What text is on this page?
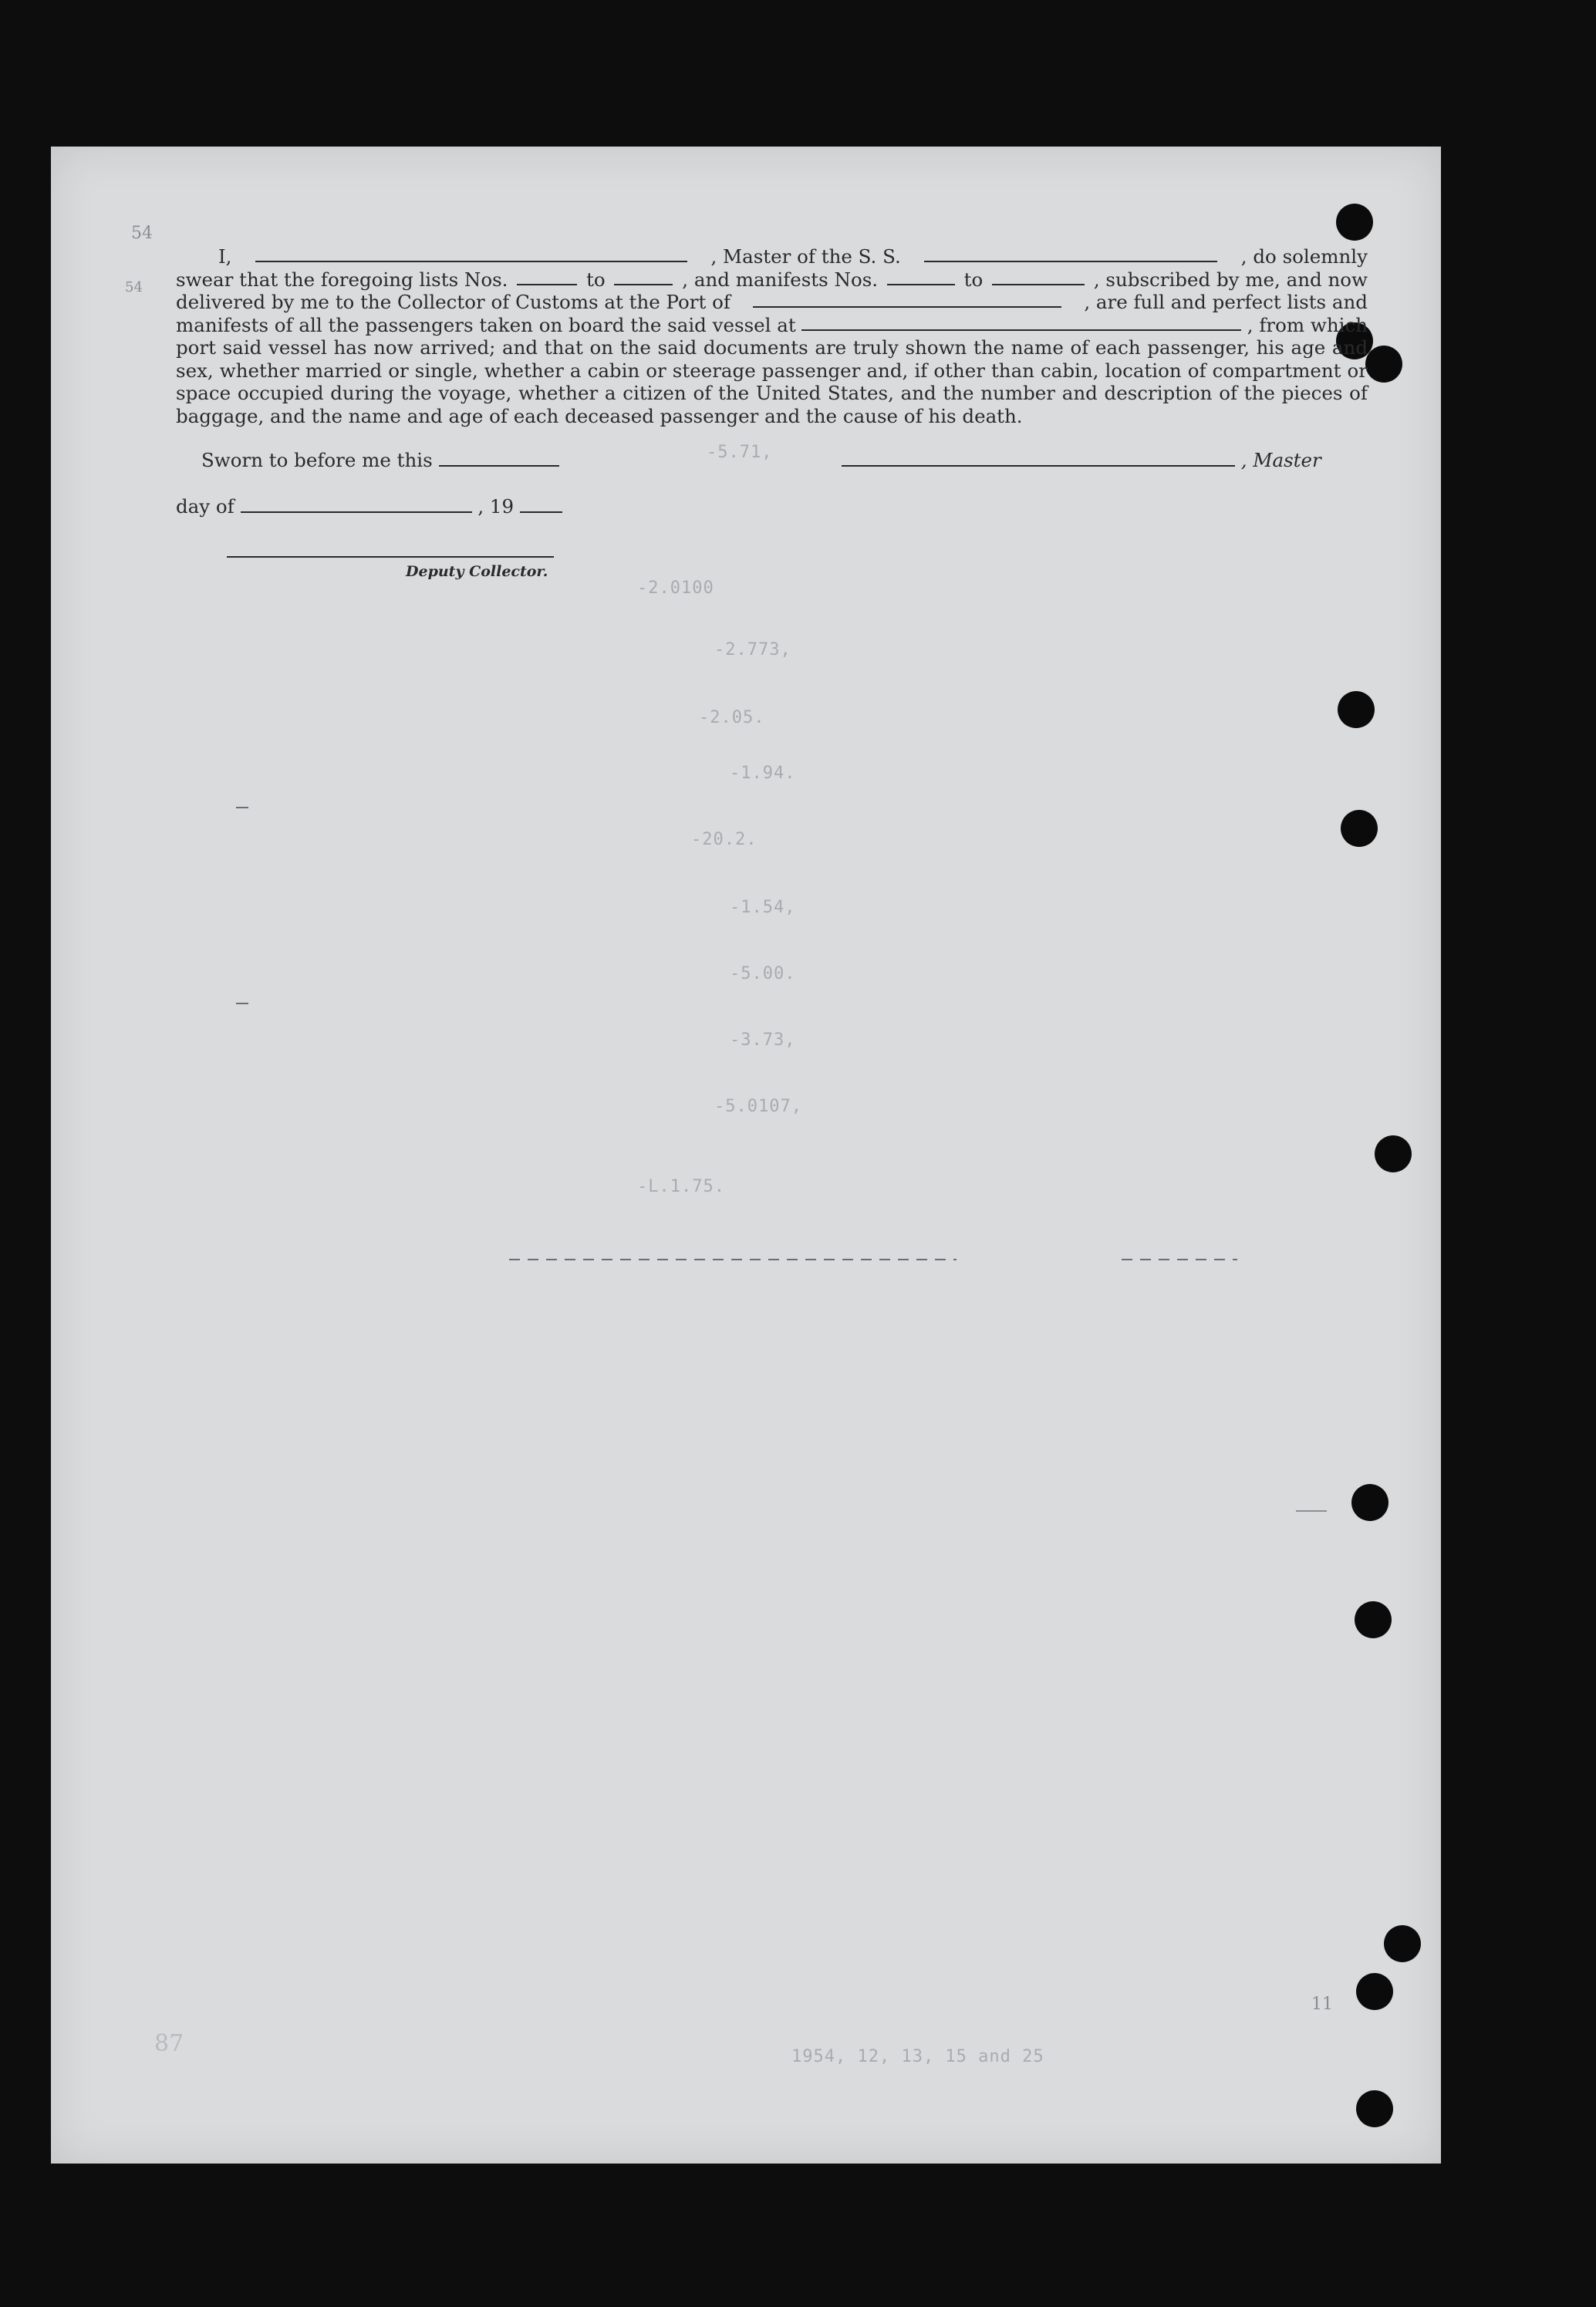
I,	, Master of the S. S.	, do solemnly
swear that the foregoing lists Nos.	to	, and manifests Nos.	to	, subscribed by me, and now
delivered by me to the Collector of Customs at the Port of	, are full and perfect lists and
manifests of all the passengers taken on board the said vessel at	, from which
port said vessel has now arrived; and that on the said documents are truly shown the name of each passenger, his age and sex, whether married or single, whether a cabin or steerage passenger and, if other than cabin, location of compartment or space occupied during the voyage, whether a citizen of the United States, and the number and description of the pieces of baggage, and the name and age of each deceased passenger and the cause of his death.
Sworn to before me this	, Master
day of	, 19
Deputy Collector.
54
54
11
87
-5.71,
-2.0100
-2.773,
-2.05.
-1.94.
-20.2.
-1.54,
-5.00.
-3.73,
-5.0107,
-L.1.75.
1954, 12, 13, 15 and 25
